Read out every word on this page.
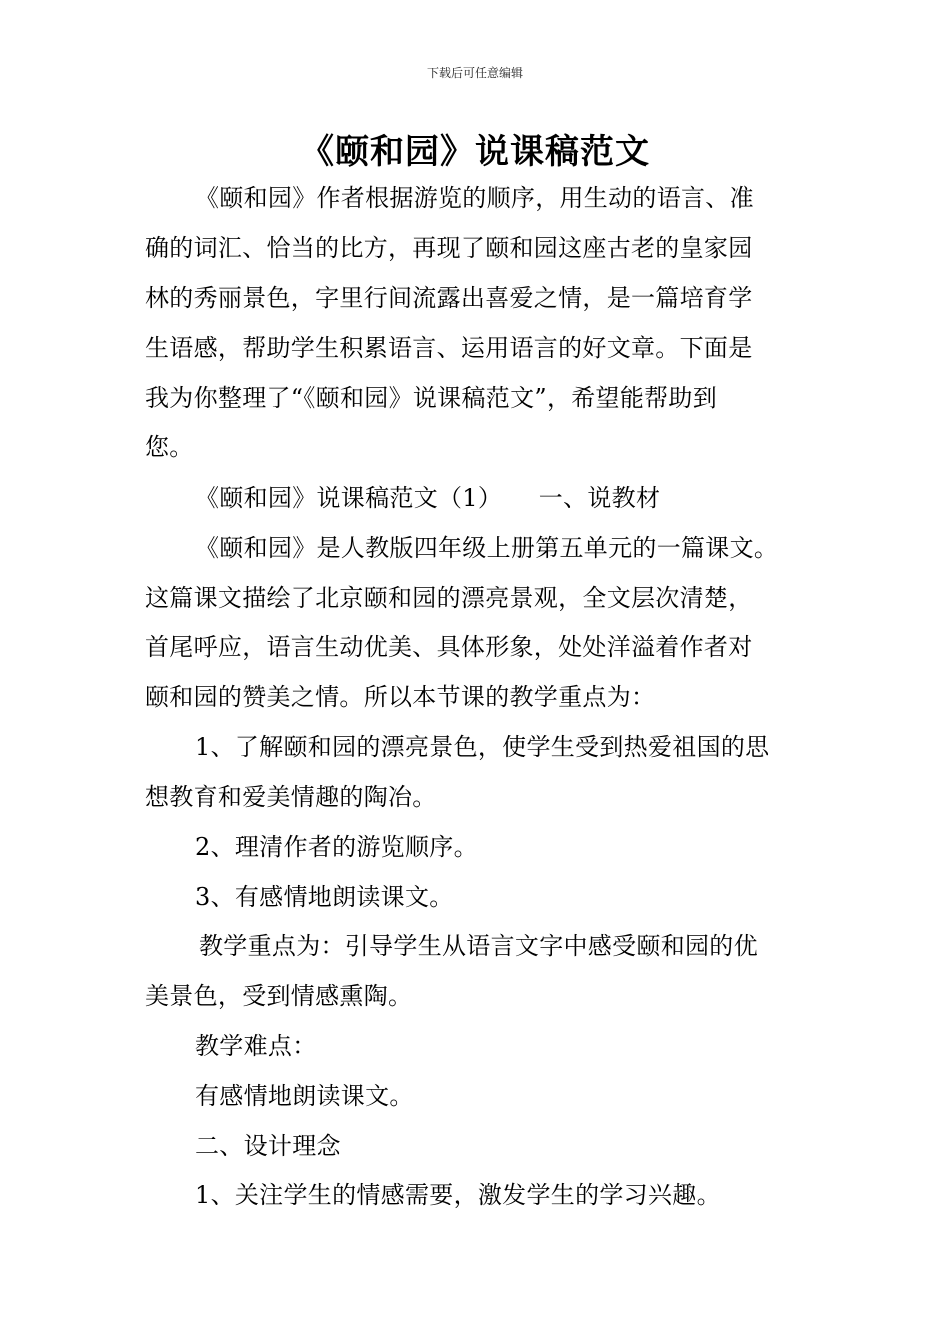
下载后可任意编辑
《颐和园》说课稿范文
《颐和园》作者根据游览的顺序，用生动的语言、准
确的词汇、恰当的比方，再现了颐和园这座古老的皇家园
林的秀丽景色，字里行间流露出喜爱之情，是一篇培育学
生语感，帮助学生积累语言、运用语言的好文章。下面是
我为你整理了“《颐和园》说课稿范文”，希望能帮助到
您。
《颐和园》说课稿范文（1）　　一、说教材
《颐和园》是人教版四年级上册第五单元的一篇课文。
这篇课文描绘了北京颐和园的漂亮景观，全文层次清楚，
首尾呼应，语言生动优美、具体形象，处处洋溢着作者对
颐和园的赞美之情。所以本节课的教学重点为：
1、了解颐和园的漂亮景色，使学生受到热爱祖国的思
想教育和爱美情趣的陶冶。
2、理清作者的游览顺序。
3、有感情地朗读课文。
教学重点为：引导学生从语言文字中感受颐和园的优
美景色，受到情感熏陶。
教学难点：
有感情地朗读课文。
二、设计理念
1、关注学生的情感需要，激发学生的学习兴趣。
